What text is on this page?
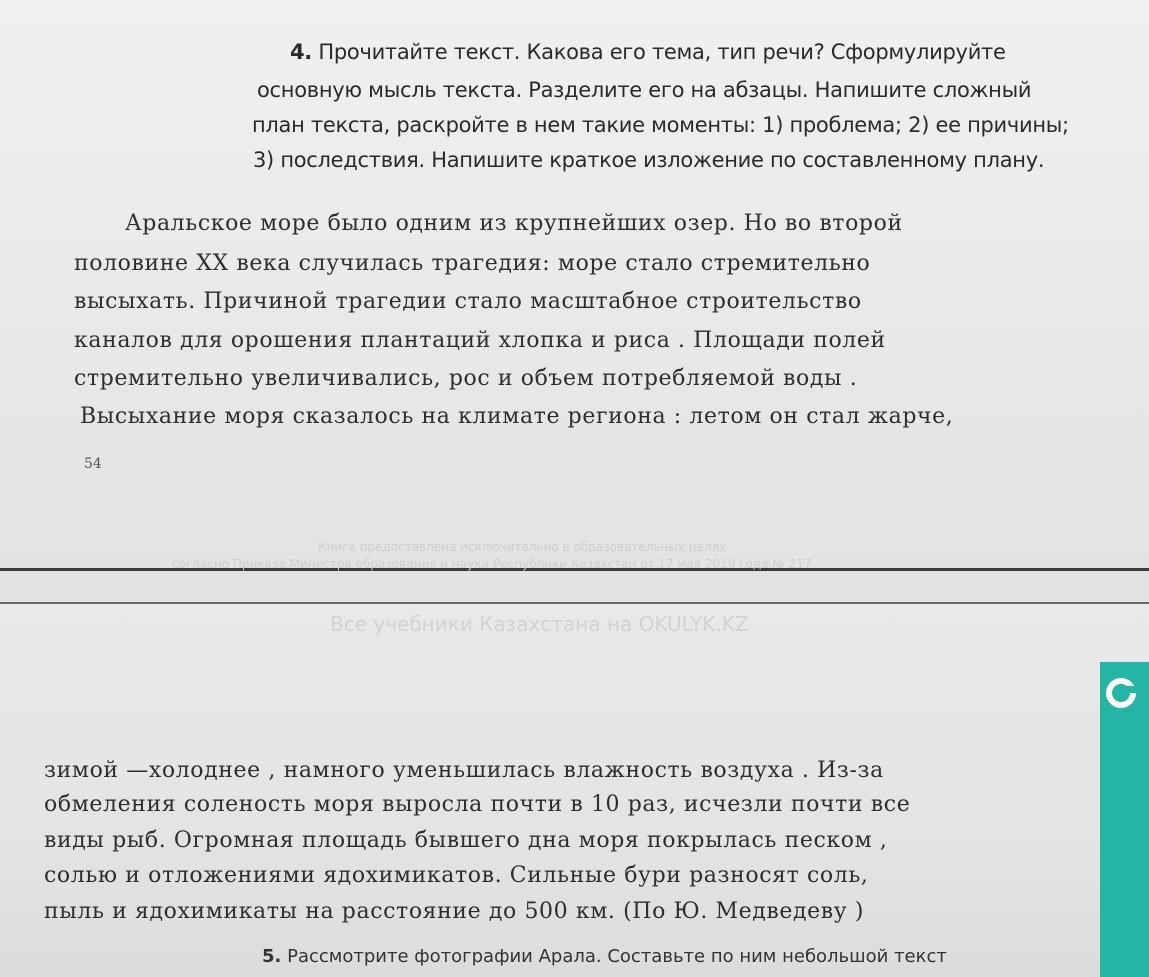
4. Прочитайте текст. Какова его тема, тип речи? Сформулируйте
основную мысль текста. Разделите его на абзацы. Напишите сложный
план текста, раскройте в нем такие моменты: 1) проблема; 2) ее причины;
3) последствия. Напишите краткое изложение по составленному плану.
Аральское море было одним из крупнейших озер. Но во второй
половине XX века случилась трагедия: море стало стремительно
высыхать. Причиной трагедии стало масштабное строительство
каналов для орошения плантаций хлопка и риса . Площади полей
стремительно увеличивались, рос и объем потребляемой воды .
Высыхание моря сказалось на климате региона : летом он стал жарче,
54
Книга предоставлена исключительно в образовательных целях
согласно Приказа Министра образования и науки Республики Казахстан от 17 мая 2019 года № 217
Все учебники Казахстана на OKULYK.KZ
зимой —холоднее , намного уменьшилась влажность воздуха . Из-за
обмеления соленость моря выросла почти в 10 раз, исчезли почти все
виды рыб. Огромная площадь бывшего дна моря покрылась песком ,
солью и отложениями ядохимикатов. Сильные бури разносят соль,
пыль и ядохимикаты на расстояние до 500 км. (По Ю. Медведеву )
5. Рассмотрите фотографии Арала. Составьте по ним небольшой текст
